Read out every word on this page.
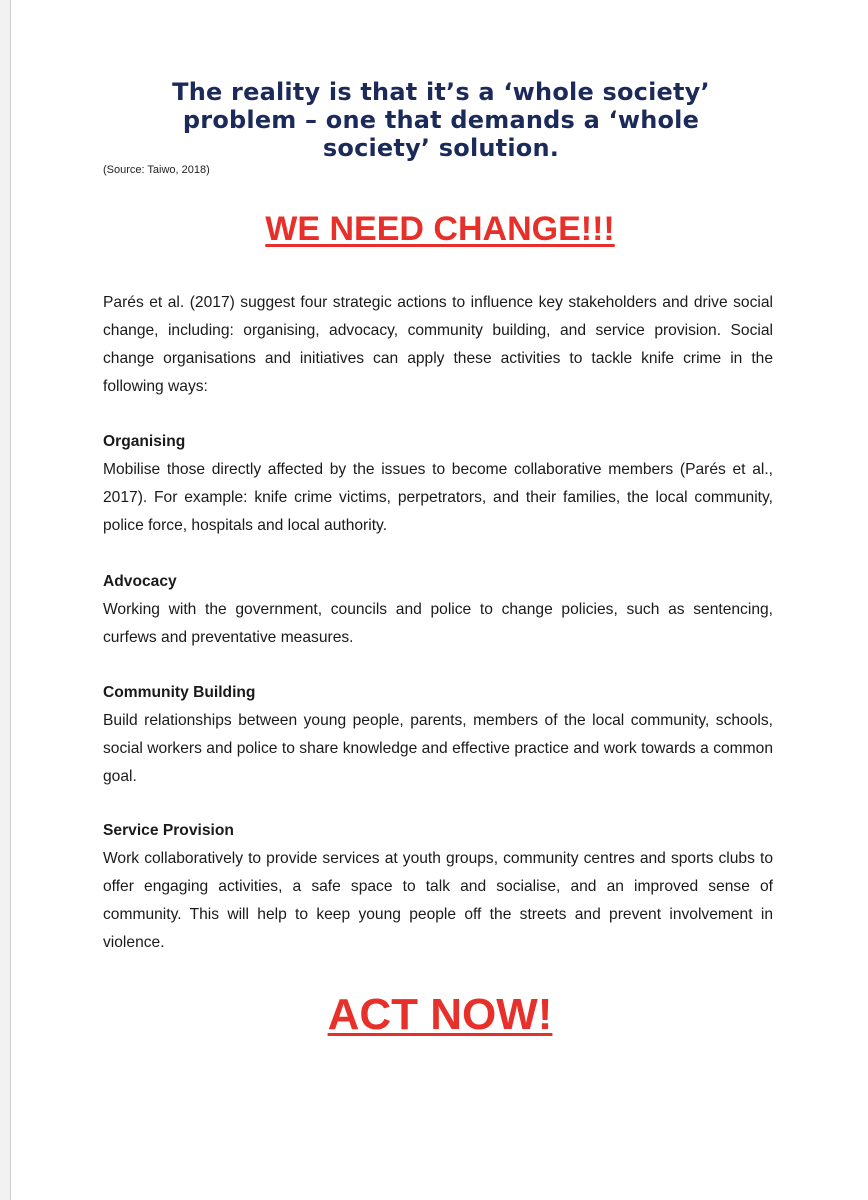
The reality is that it’s a ‘whole society’ problem – one that demands a ‘whole society’ solution.
(Source: Taiwo, 2018)
WE NEED CHANGE!!!
Parés et al. (2017) suggest four strategic actions to influence key stakeholders and drive social change, including: organising, advocacy, community building, and service provision. Social change organisations and initiatives can apply these activities to tackle knife crime in the following ways:
Organising
Mobilise those directly affected by the issues to become collaborative members (Parés et al., 2017). For example: knife crime victims, perpetrators, and their families, the local community, police force, hospitals and local authority.
Advocacy
Working with the government, councils and police to change policies, such as sentencing, curfews and preventative measures.
Community Building
Build relationships between young people, parents, members of the local community, schools, social workers and police to share knowledge and effective practice and work towards a common goal.
Service Provision
Work collaboratively to provide services at youth groups, community centres and sports clubs to offer engaging activities, a safe space to talk and socialise, and an improved sense of community. This will help to keep young people off the streets and prevent involvement in violence.
ACT NOW!
